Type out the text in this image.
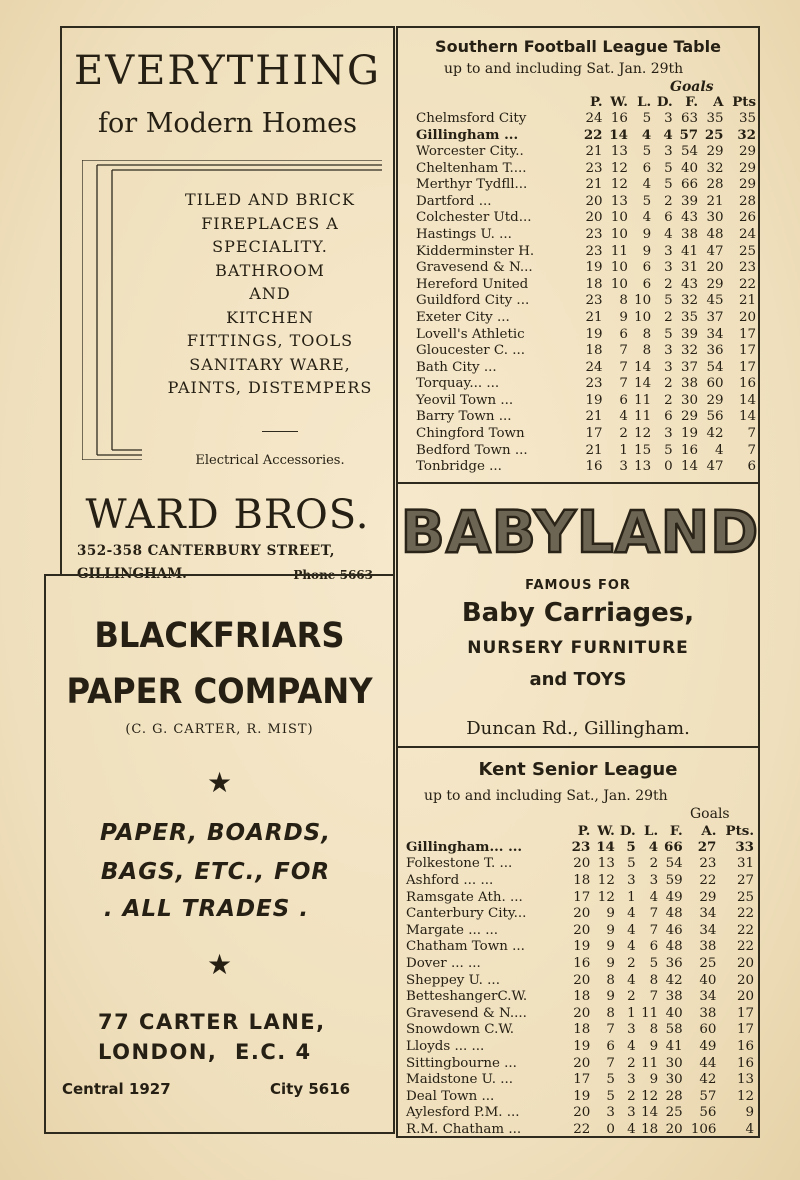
EVERYTHING
for Modern Homes
TILED AND BRICK
FIREPLACES A
SPECIALITY.
BATHROOM
AND
KITCHEN
FITTINGS, TOOLS
SANITARY WARE,
PAINTS, DISTEMPERS
Electrical Accessories.
WARD BROS.
352-358 CANTERBURY STREET,
GILLINGHAM.	Phone 5663
BLACKFRIARS
PAPER COMPANY
(C. G. CARTER, R. MIST)
★
PAPER, BOARDS,
BAGS, ETC., FOR
. ALL TRADES .
★
77 CARTER LANE,
LONDON,  E.C. 4
Central 1927	City 5616
Southern Football League Table
up to and including Sat. Jan. 29th
Goals
	P.	W.	L.	D.	F.	A	Pts
Chelmsford City	24	16	5	3	63	35	35
Gillingham ...	22	14	4	4	57	25	32
Worcester City..	21	13	5	3	54	29	29
Cheltenham T....	23	12	6	5	40	32	29
Merthyr Tydfll...	21	12	4	5	66	28	29
Dartford ...	20	13	5	2	39	21	28
Colchester Utd...	20	10	4	6	43	30	26
Hastings U. ...	23	10	9	4	38	48	24
Kidderminster H.	23	11	9	3	41	47	25
Gravesend & N...	19	10	6	3	31	20	23
Hereford United	18	10	6	2	43	29	22
Guildford City ...	23	8	10	5	32	45	21
Exeter City ...	21	9	10	2	35	37	20
Lovell's Athletic	19	6	8	5	39	34	17
Gloucester C. ...	18	7	8	3	32	36	17
Bath City ...	24	7	14	3	37	54	17
Torquay... ...	23	7	14	2	38	60	16
Yeovil Town ...	19	6	11	2	30	29	14
Barry Town ...	21	4	11	6	29	56	14
Chingford Town	17	2	12	3	19	42	7
Bedford Town ...	21	1	15	5	16	4	7
Tonbridge ...	16	3	13	0	14	47	6
BABYLAND
FAMOUS FOR
Baby Carriages,
NURSERY FURNITURE
and TOYS
Duncan Rd., Gillingham.
Kent Senior League
up to and including Sat., Jan. 29th
Goals
	P.	W.	D.	L.	F.	A.	Pts.
Gillingham... ...	23	14	5	4	66	27	33
Folkestone T. ...	20	13	5	2	54	23	31
Ashford ... ...	18	12	3	3	59	22	27
Ramsgate Ath. ...	17	12	1	4	49	29	25
Canterbury City...	20	9	4	7	48	34	22
Margate ... ...	20	9	4	7	46	34	22
Chatham Town ...	19	9	4	6	48	38	22
Dover ... ...	16	9	2	5	36	25	20
Sheppey U. ...	20	8	4	8	42	40	20
BetteshangerC.W.	18	9	2	7	38	34	20
Gravesend & N....	20	8	1	11	40	38	17
Snowdown C.W.	18	7	3	8	58	60	17
Lloyds ... ...	19	6	4	9	41	49	16
Sittingbourne ...	20	7	2	11	30	44	16
Maidstone U. ...	17	5	3	9	30	42	13
Deal Town ...	19	5	2	12	28	57	12
Aylesford P.M. ...	20	3	3	14	25	56	9
R.M. Chatham ...	22	0	4	18	20	106	4
